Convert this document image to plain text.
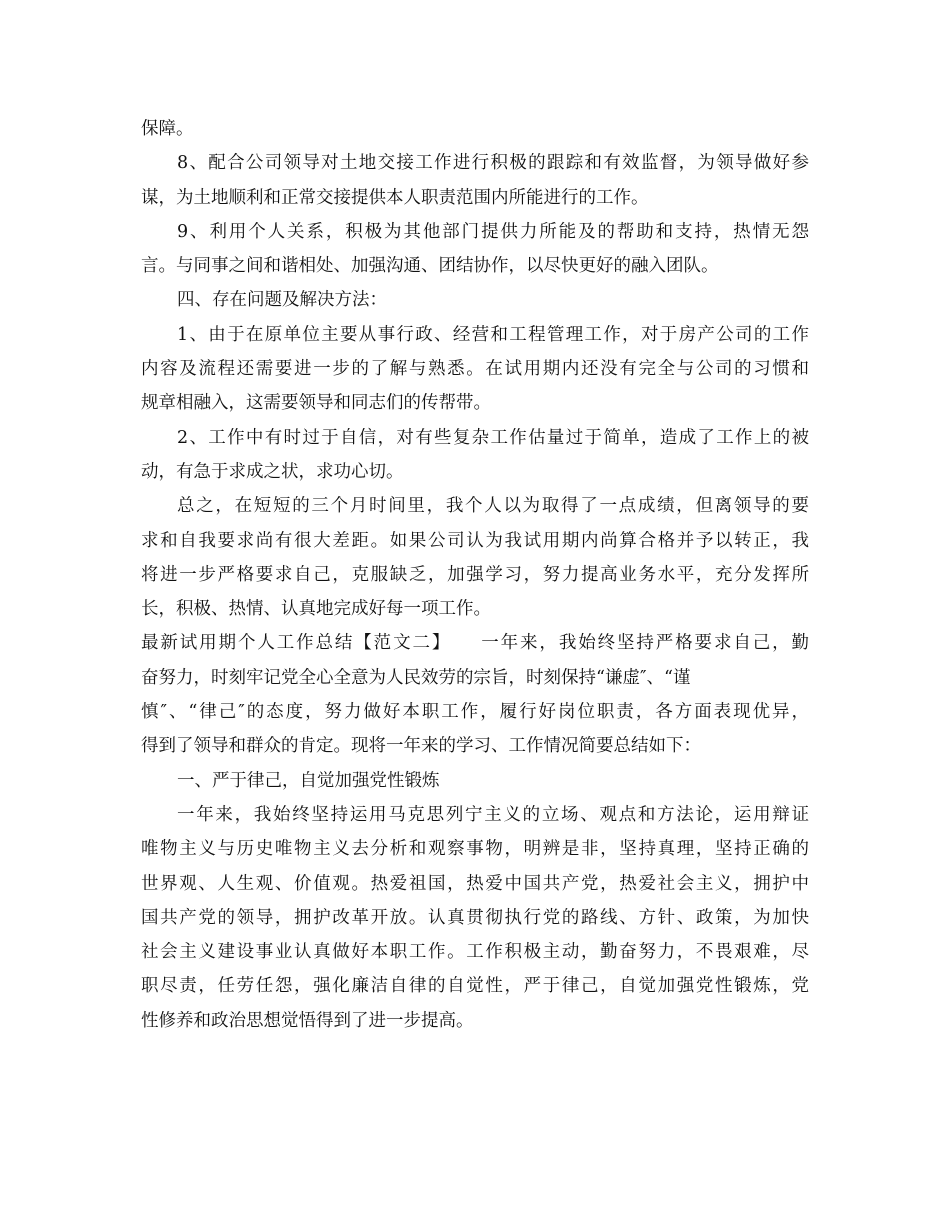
保障。
8、配合公司领导对土地交接工作进行积极的跟踪和有效监督，为领导做好参
谋，为土地顺利和正常交接提供本人职责范围内所能进行的工作。
9、利用个人关系，积极为其他部门提供力所能及的帮助和支持，热情无怨
言。与同事之间和谐相处、加强沟通、团结协作，以尽快更好的融入团队。
四、存在问题及解决方法：
1、由于在原单位主要从事行政、经营和工程管理工作，对于房产公司的工作
内容及流程还需要进一步的了解与熟悉。在试用期内还没有完全与公司的习惯和
规章相融入，这需要领导和同志们的传帮带。
2、工作中有时过于自信，对有些复杂工作估量过于简单，造成了工作上的被
动，有急于求成之状，求功心切。
总之，在短短的三个月时间里，我个人以为取得了一点成绩，但离领导的要
求和自我要求尚有很大差距。如果公司认为我试用期内尚算合格并予以转正，我
将进一步严格要求自己，克服缺乏，加强学习，努力提高业务水平，充分发挥所
长，积极、热情、认真地完成好每一项工作。
最新试用期个人工作总结【范文二】　　一年来，我始终坚持严格要求自己，勤
奋努力，时刻牢记党全心全意为人民效劳的宗旨，时刻保持“谦虚″、“谨
慎″、“律己″的态度，努力做好本职工作，履行好岗位职责，各方面表现优异，
得到了领导和群众的肯定。现将一年来的学习、工作情况简要总结如下：
一、严于律己，自觉加强党性锻炼
一年来，我始终坚持运用马克思列宁主义的立场、观点和方法论，运用辩证
唯物主义与历史唯物主义去分析和观察事物，明辨是非，坚持真理，坚持正确的
世界观、人生观、价值观。热爱祖国，热爱中国共产党，热爱社会主义，拥护中
国共产党的领导，拥护改革开放。认真贯彻执行党的路线、方针、政策，为加快
社会主义建设事业认真做好本职工作。工作积极主动，勤奋努力，不畏艰难，尽
职尽责，任劳任怨，强化廉洁自律的自觉性，严于律己，自觉加强党性锻炼，党
性修养和政治思想觉悟得到了进一步提高。
